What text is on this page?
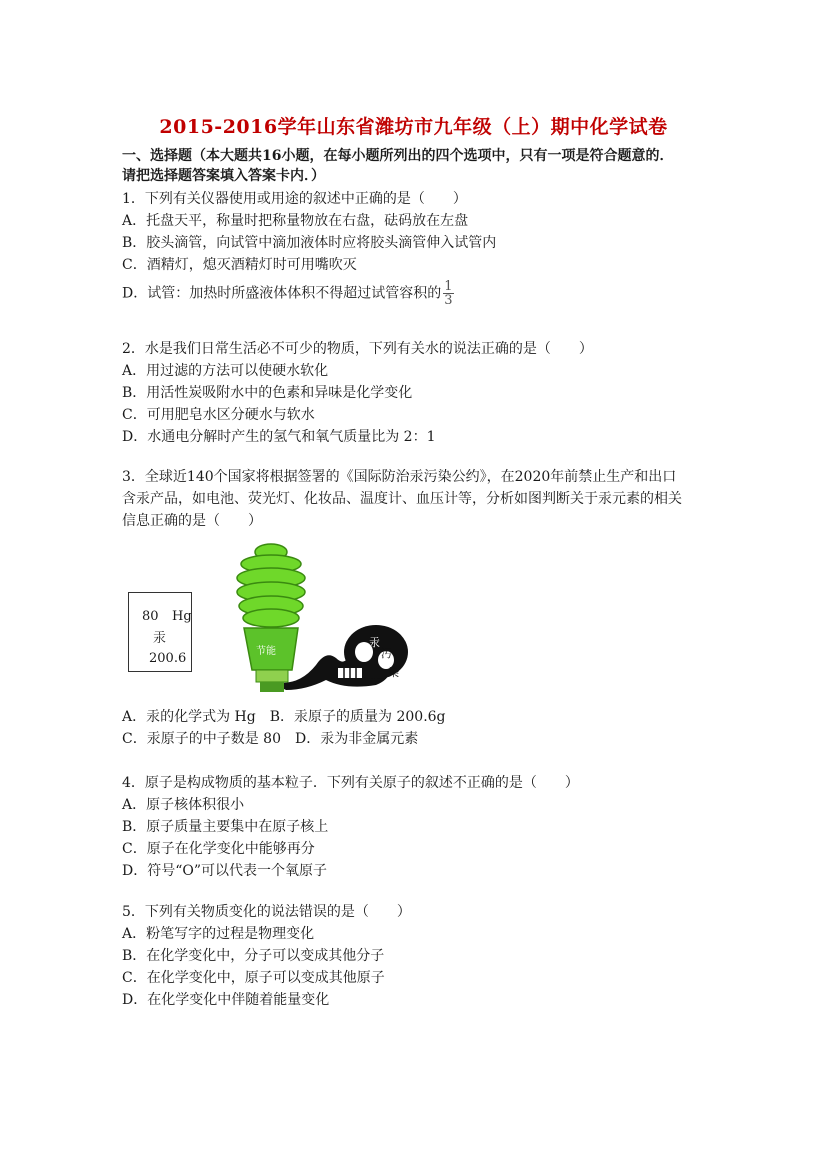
2015-2016学年山东省潍坊市九年级（上）期中化学试卷
一、选择题（本大题共16小题，在每小题所列出的四个选项中，只有一项是符合题意的．
请把选择题答案填入答案卡内．）
1．下列有关仪器使用或用途的叙述中正确的是（　　）
A．托盘天平，称量时把称量物放在右盘，砝码放在左盘
B．胶头滴管，向试管中滴加液体时应将胶头滴管伸入试管内
C．酒精灯，熄灭酒精灯时可用嘴吹灭
D．试管：加热时所盛液体体积不得超过试管容积的 $\frac{1}{3}$
2．水是我们日常生活必不可少的物质，下列有关水的说法正确的是（　　）
A．用过滤的方法可以使硬水软化
B．用活性炭吸附水中的色素和异味是化学变化
C．可用肥皂水区分硬水与软水
D．水通电分解时产生的氢气和氧气质量比为 2：1
3．全球近140个国家将根据签署的《国际防治汞污染公约》，在2020年前禁止生产和出口
含汞产品，如电池、荧光灯、化妆品、温度计、血压计等，分析如图判断关于汞元素的相关
信息正确的是（　　）
80 Hg
汞
200.6
汞
污
染
节能
A．汞的化学式为 Hg　B．汞原子的质量为 200.6g
C．汞原子的中子数是 80　D．汞为非金属元素
4．原子是构成物质的基本粒子．下列有关原子的叙述不正确的是（　　）
A．原子核体积很小
B．原子质量主要集中在原子核上
C．原子在化学变化中能够再分
D．符号“O”可以代表一个氧原子
5．下列有关物质变化的说法错误的是（　　）
A．粉笔写字的过程是物理变化
B．在化学变化中，分子可以变成其他分子
C．在化学变化中，原子可以变成其他原子
D．在化学变化中伴随着能量变化
